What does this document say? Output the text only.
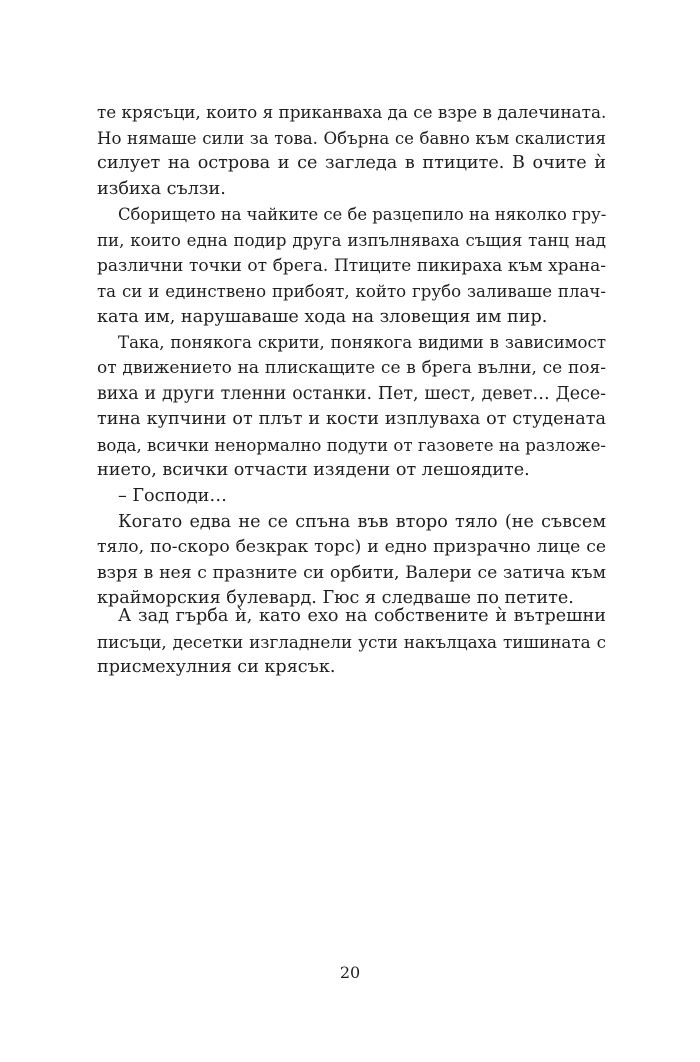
те крясъци, които я приканваха да се взре в далечината.
Но нямаше сили за това. Обърна се бавно към скалистия
силует на острова и се загледа в птиците. В очите ѝ
избиха сълзи.
Сборището на чайките се бе разцепило на няколко гру-
пи, които една подир друга изпълняваха същия танц над
различни точки от брега. Птиците пикираха към храна-
та си и единствено прибоят, който грубо заливаше плач-
ката им, нарушаваше хода на зловещия им пир.
Така, понякога скрити, понякога видими в зависимост
от движението на плискащите се в брега вълни, се поя-
виха и други тленни останки. Пет, шест, девет… Десе-
тина купчини от плът и кости изплуваха от студената
вода, всички ненормално подути от газовете на разложе-
нието, всички отчасти изядени от лешоядите.
– Господи…
Когато едва не се спъна във второ тяло (не съвсем
тяло, по-скоро безкрак торс) и едно призрачно лице се
взря в нея с празните си орбити, Валери се затича към
крайморския булевард. Гюс я следваше по петите.
А зад гърба ѝ, като ехо на собствените ѝ вътрешни
писъци, десетки изгладнели усти накълцаха тишината с
присмехулния си крясък.
20
